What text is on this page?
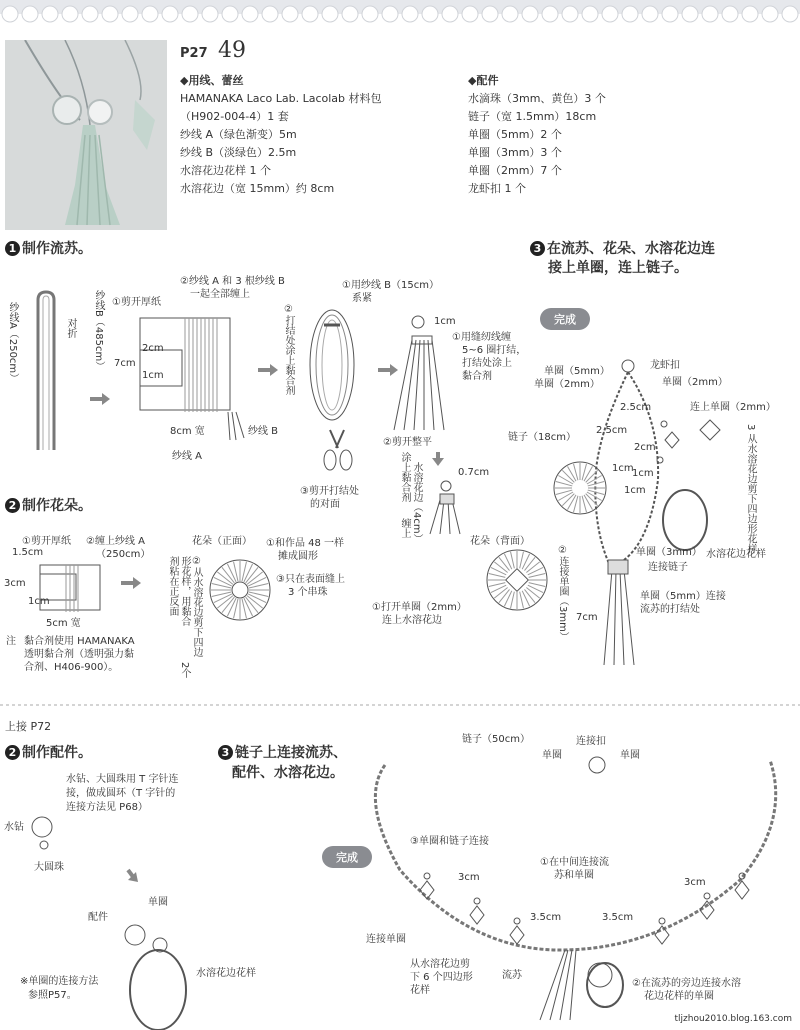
P27 49
◆用线、蕾丝
HAMANAKA Laco Lab. Lacolab 材料包
（H902-004-4）1 套
纱线 A（绿色渐变）5m
纱线 B（淡绿色）2.5m
水溶花边花样 1 个
水溶花边（宽 15mm）约 8cm
◆配件
水滴珠（3mm、黄色）3 个
链子（宽 1.5mm）18cm
单圈（5mm）2 个
单圈（3mm）3 个
单圈（2mm）7 个
龙虾扣 1 个
1 制作流苏。
纱线A（250cm）	对折 纱线B（485cm） ①剪开厚纸
②纱线 A 和 3 根纱线 B
一起全部缠上
2cm
1cm
7cm
8cm 宽	纱线 B
纱线 A
②打结处涂上黏合剂
①用纱线 B（15cm）
系紧
③剪开打结处
的对面
1cm
①用缝纫线缠
5~6 圈打结，
打结处涂上
黏合剂
②剪开整平
0.7cm
涂上黏合剂 水溶花边（4cm）
缠上
2 制作花朵。
①剪开厚纸 ②缠上纱线 A
（250cm）
1.5cm
3cm
1cm
5cm 宽
注 黏合剂使用 HAMANAKA
透明黏合剂（透明强力黏
合剂、H406-900）。
花朵（正面）
剂粘在正反面	②从水溶花边剪下四边形花样，用黏合
2个
①和作品 48 一样
摊成圆形
③只在表面缝上
3 个串珠
3 在流苏、花朵、水溶花边连
接上单圈，连上链子。
完成
花朵（背面）
②连接单圈（3mm）
①打开单圈（2mm）
连上水溶花边
单圈（5mm）
单圈（2mm）
龙虾扣
单圈（2mm）
链子（18cm）
2.5cm
2.5cm
连上单圈（2mm）
3 从水溶花边剪下四边形花样
2cm
1cm
1cm
1cm
单圈（3mm） 水溶花边花样
连接链子
单圈（5mm）连接
流苏的打结处
7cm
上接 P72
2 制作配件。
水钻、大圆珠用 T 字针连
接，做成圆环（T 字针的
连接方法见 P68）
水钻
大圆珠
配件
单圈
水溶花边花样
※单圈的连接方法
参照P57。
3 链子上连接流苏、
配件、水溶花边。
完成
链子（50cm）	连接扣
单圈	单圈
③单圈和链子连接
①在中间连接流
苏和单圈
3cm	3cm
3.5cm	3.5cm
连接单圈
从水溶花边剪
下 6 个四边形
花样
流苏
②在流苏的旁边连接水溶
花边花样的单圈
tljzhou2010.blog.163.com
